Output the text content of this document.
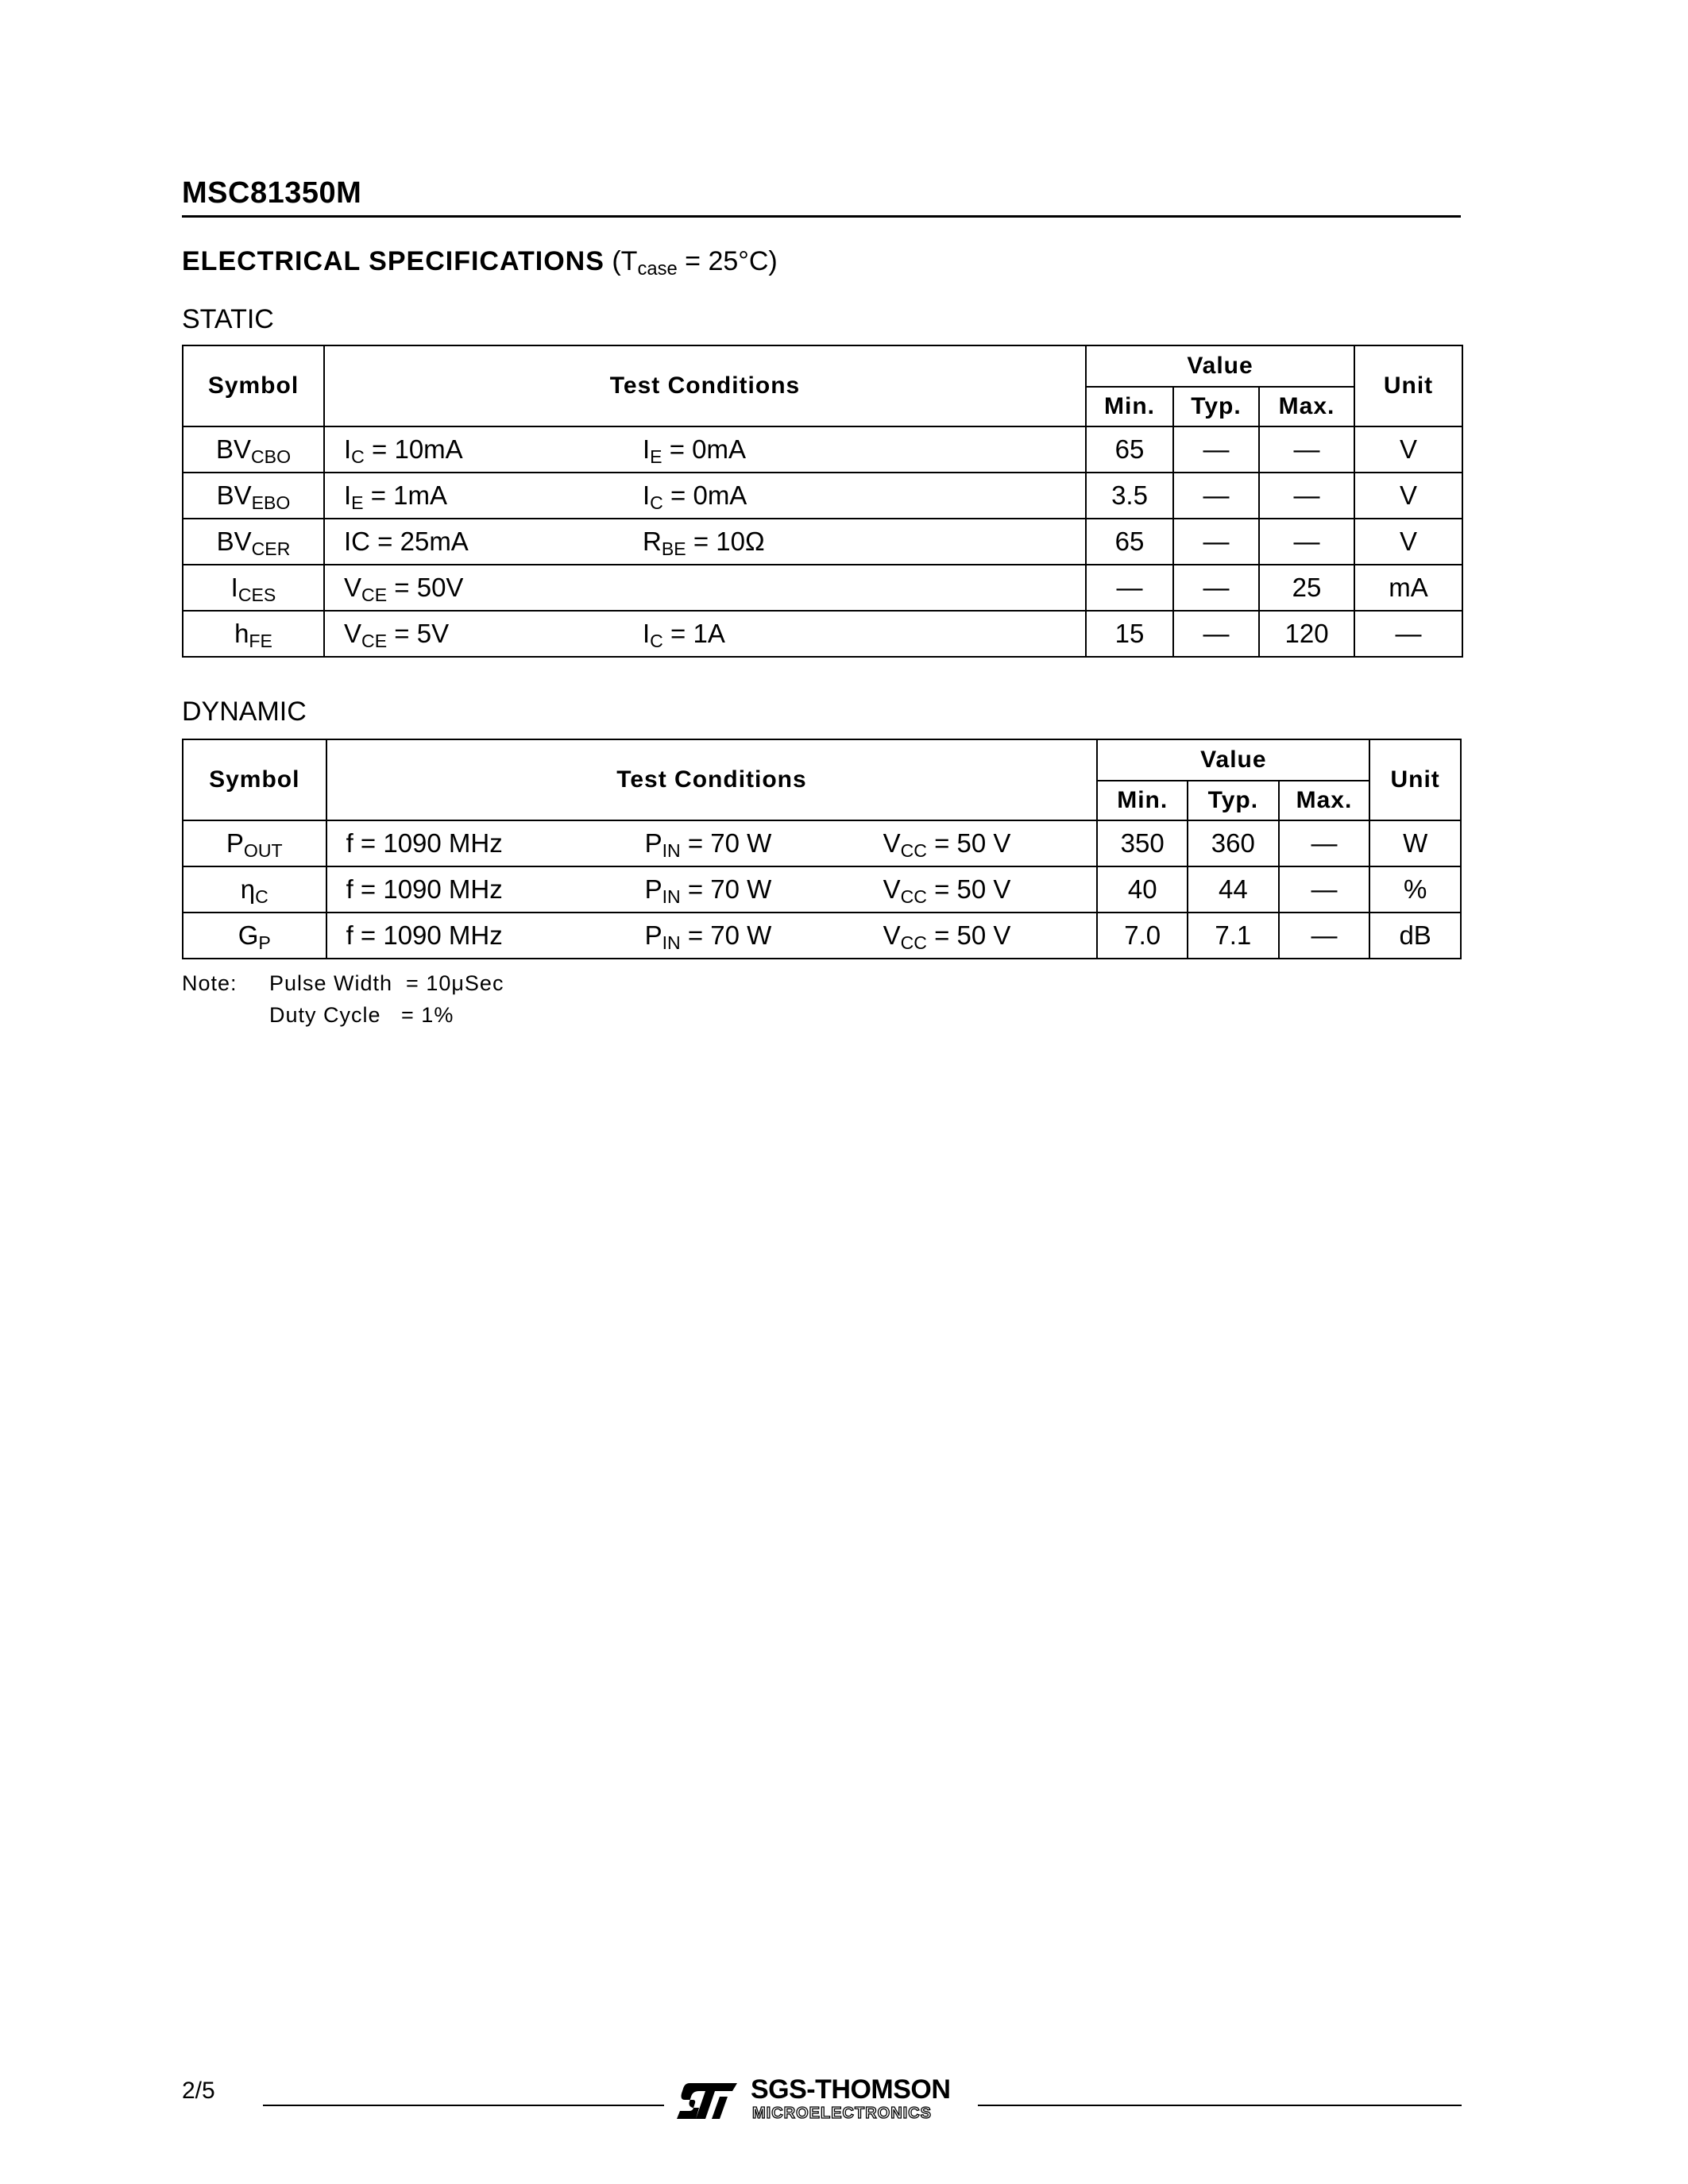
MSC81350M
ELECTRICAL SPECIFICATIONS $(T_{case} = 25^\circ C)$
STATIC
Symbol	Test Conditions	Value			Unit
		Min.	Typ.	Max.	
$BV_{CBO}$	$I_C = 10mA$ $I_E = 0mA$	65	—	—	V
$BV_{EBO}$	$I_E = 1mA$ $I_C = 0mA$	3.5	—	—	V
$BV_{CER}$	IC = 25mA $R_{BE} = 10\Omega$	65	—	—	V
$I_{CES}$	$V_{CE} = 50V$	—	—	25	mA
$h_{FE}$	$V_{CE} = 5V$ $I_C = 1A$	15	—	120	—
DYNAMIC
Symbol	Test Conditions	Value			Unit
		Min.	Typ.	Max.	
$P_{OUT}$	f = 1090 MHz $P_{IN} = 70$ W $V_{CC} = 50$ V	350	360	—	W
$\eta_C$	f = 1090 MHz $P_{IN} = 70$ W $V_{CC} = 50$ V	40	44	—	%
$G_P$	f = 1090 MHz $P_{IN} = 70$ W $V_{CC} = 50$ V	7.0	7.1	—	dB
Note: Pulse Width  = 10μSec
Duty Cycle   = 1%
2/5	SGS-THOMSON
MICROELECTRONICS
